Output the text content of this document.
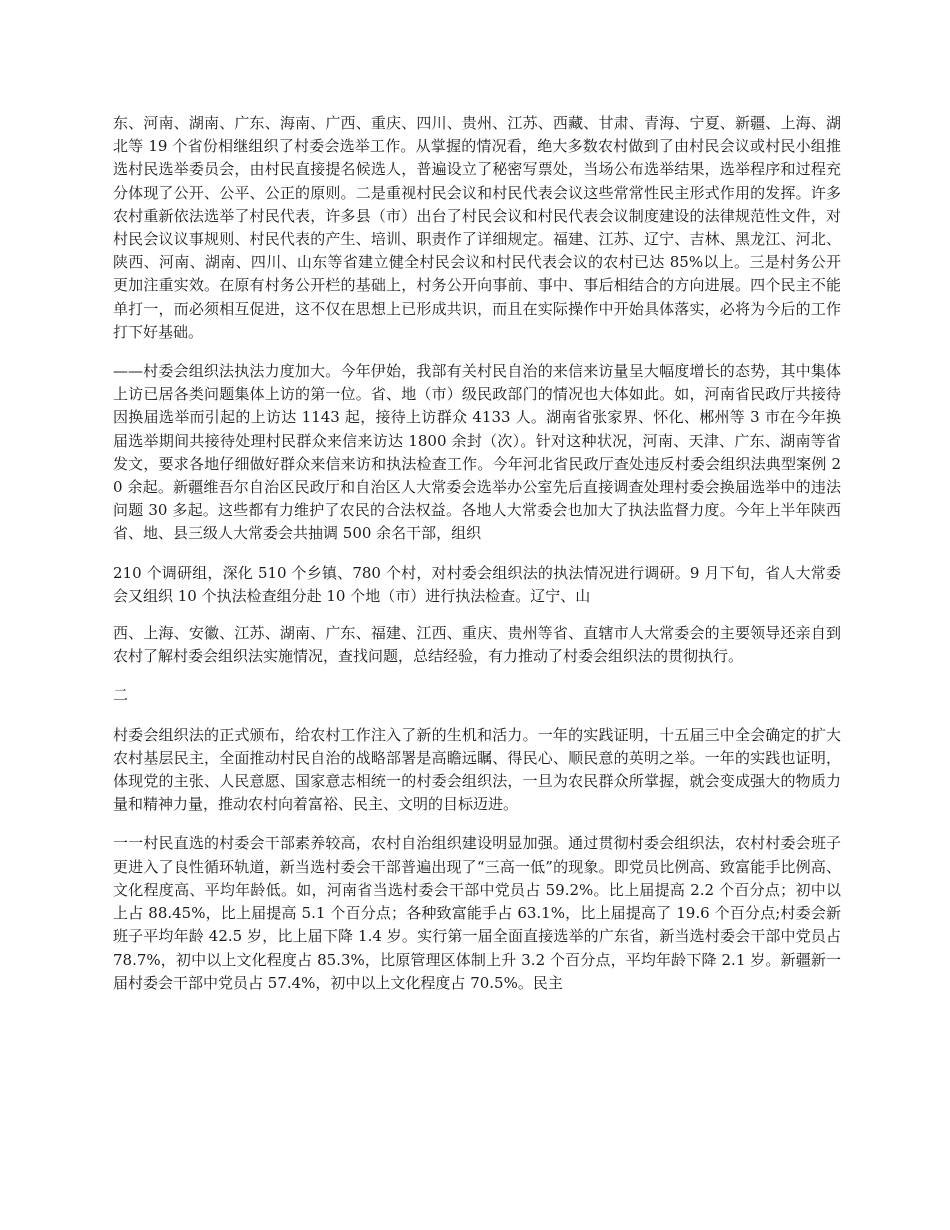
东、河南、湖南、广东、海南、广西、重庆、四川、贵州、江苏、西藏、甘肃、青海、宁夏、新疆、上海、湖北等 19 个省份相继组织了村委会选举工作。从掌握的情况看，绝大多数农村做到了由村民会议或村民小组推选村民选举委员会，由村民直接提名候选人，普遍设立了秘密写票处，当场公布选举结果，选举程序和过程充分体现了公开、公平、公正的原则。二是重视村民会议和村民代表会议这些常常性民主形式作用的发挥。许多农村重新依法选举了村民代表，许多县（市）出台了村民会议和村民代表会议制度建设的法律规范性文件，对村民会议议事规则、村民代表的产生、培训、职责作了详细规定。福建、江苏、辽宁、吉林、黑龙江、河北、陕西、河南、湖南、四川、山东等省建立健全村民会议和村民代表会议的农村已达 85%以上。三是村务公开更加注重实效。在原有村务公开栏的基础上，村务公开向事前、事中、事后相结合的方向进展。四个民主不能单打一，而必须相互促进，这不仅在思想上已形成共识，而且在实际操作中开始具体落实，必将为今后的工作打下好基础。

——村委会组织法执法力度加大。今年伊始，我部有关村民自治的来信来访量呈大幅度增长的态势，其中集体上访已居各类问题集体上访的第一位。省、地（市）级民政部门的情况也大体如此。如，河南省民政厅共接待因换届选举而引起的上访达 1143 起，接待上访群众 4133 人。湖南省张家界、怀化、郴州等 3 市在今年换届选举期间共接待处理村民群众来信来访达 1800 余封（次）。针对这种状况，河南、天津、广东、湖南等省发文，要求各地仔细做好群众来信来访和执法检查工作。今年河北省民政厅查处违反村委会组织法典型案例 20 余起。新疆维吾尔自治区民政厅和自治区人大常委会选举办公室先后直接调查处理村委会换届选举中的违法问题 30 多起。这些都有力维护了农民的合法权益。各地人大常委会也加大了执法监督力度。今年上半年陕西省、地、县三级人大常委会共抽调 500 余名干部，组织

210 个调研组，深化 510 个乡镇、780 个村，对村委会组织法的执法情况进行调研。9 月下旬，省人大常委会又组织 10 个执法检查组分赴 10 个地（市）进行执法检查。辽宁、山

西、上海、安徽、江苏、湖南、广东、福建、江西、重庆、贵州等省、直辖市人大常委会的主要领导还亲自到农村了解村委会组织法实施情况，查找问题，总结经验，有力推动了村委会组织法的贯彻执行。

二

村委会组织法的正式颁布，给农村工作注入了新的生机和活力。一年的实践证明，十五届三中全会确定的扩大农村基层民主，全面推动村民自治的战略部署是高瞻远瞩、得民心、顺民意的英明之举。一年的实践也证明，体现党的主张、人民意愿、国家意志相统一的村委会组织法，一旦为农民群众所掌握，就会变成强大的物质力量和精神力量，推动农村向着富裕、民主、文明的目标迈进。

一一村民直选的村委会干部素养较高，农村自治组织建设明显加强。通过贯彻村委会组织法，农村村委会班子更进入了良性循环轨道，新当选村委会干部普遍出现了“三高一低”的现象。即党员比例高、致富能手比例高、文化程度高、平均年龄低。如，河南省当选村委会干部中党员占 59.2%。比上届提高 2.2 个百分点；初中以上占 88.45%，比上届提高 5.1 个百分点；各种致富能手占 63.1%，比上届提高了 19.6 个百分点;村委会新班子平均年龄 42.5 岁，比上届下降 1.4 岁。实行第一届全面直接选举的广东省，新当选村委会干部中党员占 78.7%，初中以上文化程度占 85.3%，比原管理区体制上升 3.2 个百分点，平均年龄下降 2.1 岁。新疆新一届村委会干部中党员占 57.4%，初中以上文化程度占 70.5%。民主
